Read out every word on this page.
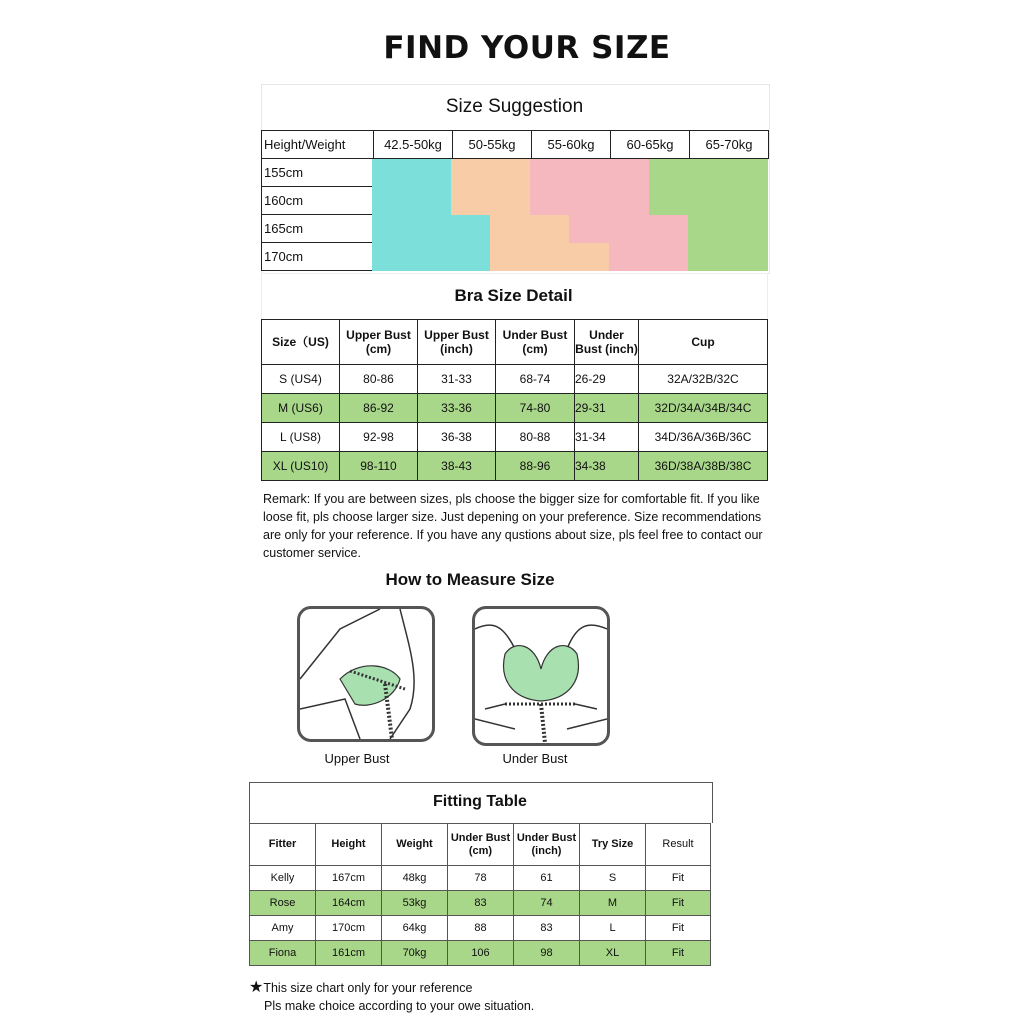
FIND YOUR SIZE
Size Suggestion
Height/Weight	42.5-50kg	50-55kg	55-60kg	60-65kg	65-70kg
155cm
160cm
165cm
170cm
Bra Size Detail
Size（US)	Upper Bust (cm)	Upper Bust (inch)	Under Bust (cm)	Under Bust (inch)	Cup
S (US4)	80-86	31-33	68-74	26-29	32A/32B/32C
M (US6)	86-92	33-36	74-80	29-31	32D/34A/34B/34C
L (US8)	92-98	36-38	80-88	31-34	34D/36A/36B/36C
XL (US10)	98-110	38-43	88-96	34-38	36D/38A/38B/38C
Remark: If you are between sizes, pls choose the bigger size for comfortable fit. If you like loose fit, pls choose larger size. Just depening on your preference. Size recommendations are only for your reference. If you have any qustions about size, pls feel free to contact our customer service.
How to Measure Size
Upper Bust	Under Bust
Fitting Table
Fitter	Height	Weight	Under Bust (cm)	Under Bust (inch)	Try Size	Result
Kelly	167cm	48kg	78	61	S	Fit
Rose	164cm	53kg	83	74	M	Fit
Amy	170cm	64kg	88	83	L	Fit
Fiona	161cm	70kg	106	98	XL	Fit
★This size chart only for your reference
Pls make choice according to your owe situation.
